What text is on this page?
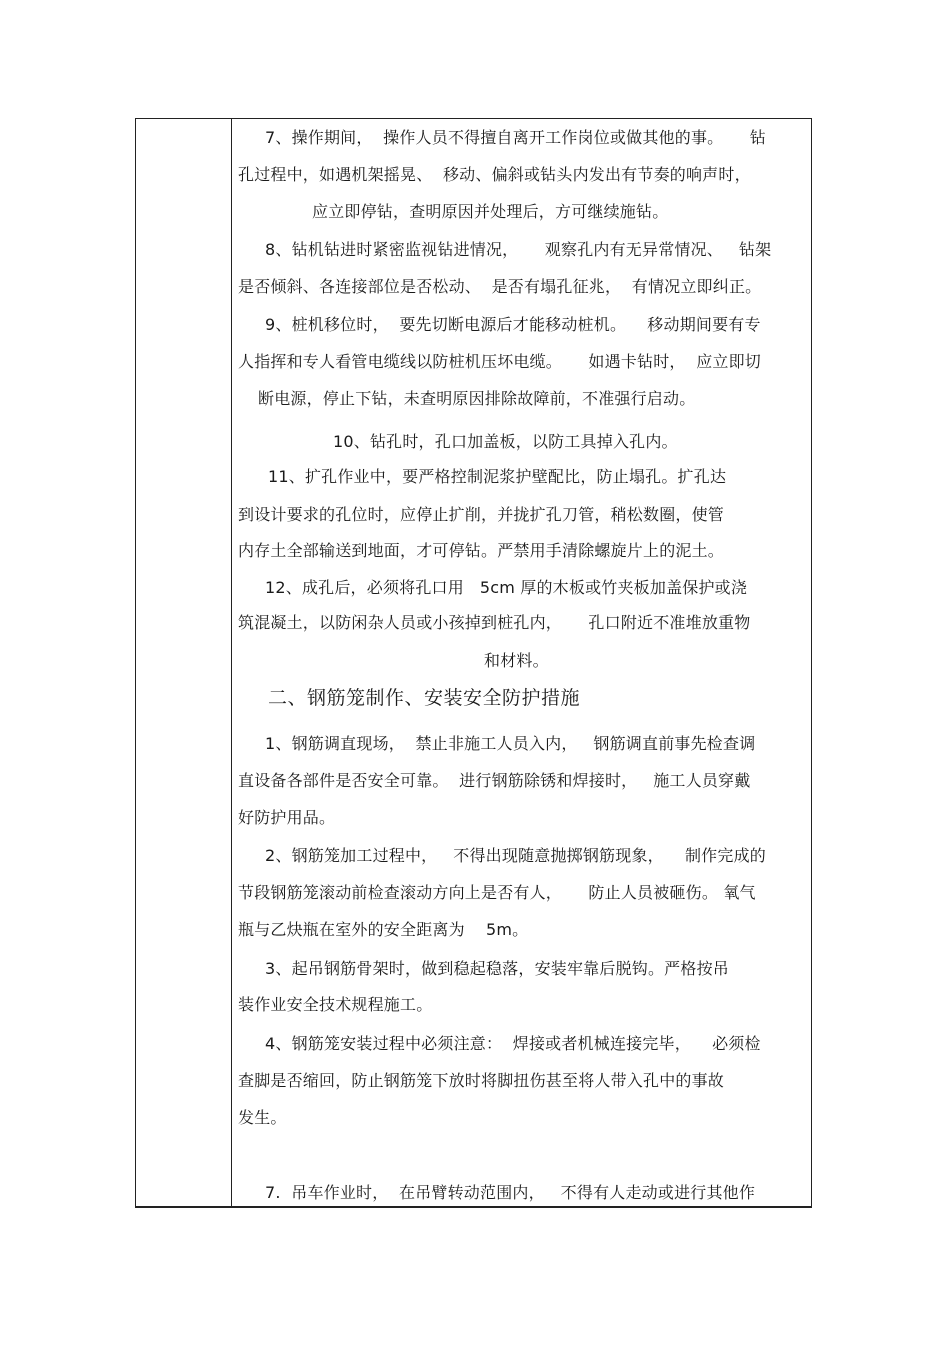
7、操作期间，  操作人员不得擅自离开工作岗位或做其他的事。     钻
孔过程中，如遇机架摇晃、  移动、偏斜或钻头内发出有节奏的响声时，
应立即停钻，查明原因并处理后，方可继续施钻。
8、钻机钻进时紧密监视钻进情况，     观察孔内有无异常情况、   钻架
是否倾斜、各连接部位是否松动、  是否有塌孔征兆，  有情况立即纠正。
9、桩机移位时，  要先切断电源后才能移动桩机。    移动期间要有专
人指挥和专人看管电缆线以防桩机压坏电缆。     如遇卡钻时，  应立即切
断电源，停止下钻，未查明原因排除故障前，不准强行启动。
10、钻孔时，孔口加盖板，以防工具掉入孔内。
11、扩孔作业中，要严格控制泥浆护壁配比，防止塌孔。扩孔达
到设计要求的孔位时，应停止扩削，并拢扩孔刀管，稍松数圈，使管
内存土全部输送到地面，才可停钻。严禁用手清除螺旋片上的泥土。
12、成孔后，必须将孔口用   5cm 厚的木板或竹夹板加盖保护或浇
筑混凝土，以防闲杂人员或小孩掉到桩孔内，     孔口附近不准堆放重物
和材料。
二、钢筋笼制作、安装安全防护措施
1、钢筋调直现场，  禁止非施工人员入内，   钢筋调直前事先检查调
直设备各部件是否安全可靠。  进行钢筋除锈和焊接时，   施工人员穿戴
好防护用品。
2、钢筋笼加工过程中，   不得出现随意抛掷钢筋现象，    制作完成的
节段钢筋笼滚动前检查滚动方向上是否有人，     防止人员被砸伤。 氧气
瓶与乙炔瓶在室外的安全距离为    5m。
3、起吊钢筋骨架时，做到稳起稳落，安装牢靠后脱钩。严格按吊
装作业安全技术规程施工。
4、钢筋笼安装过程中必须注意：  焊接或者机械连接完毕，    必须检
查脚是否缩回，防止钢筋笼下放时将脚扭伤甚至将人带入孔中的事故
发生。
7.  吊车作业时，  在吊臂转动范围内，   不得有人走动或进行其他作
